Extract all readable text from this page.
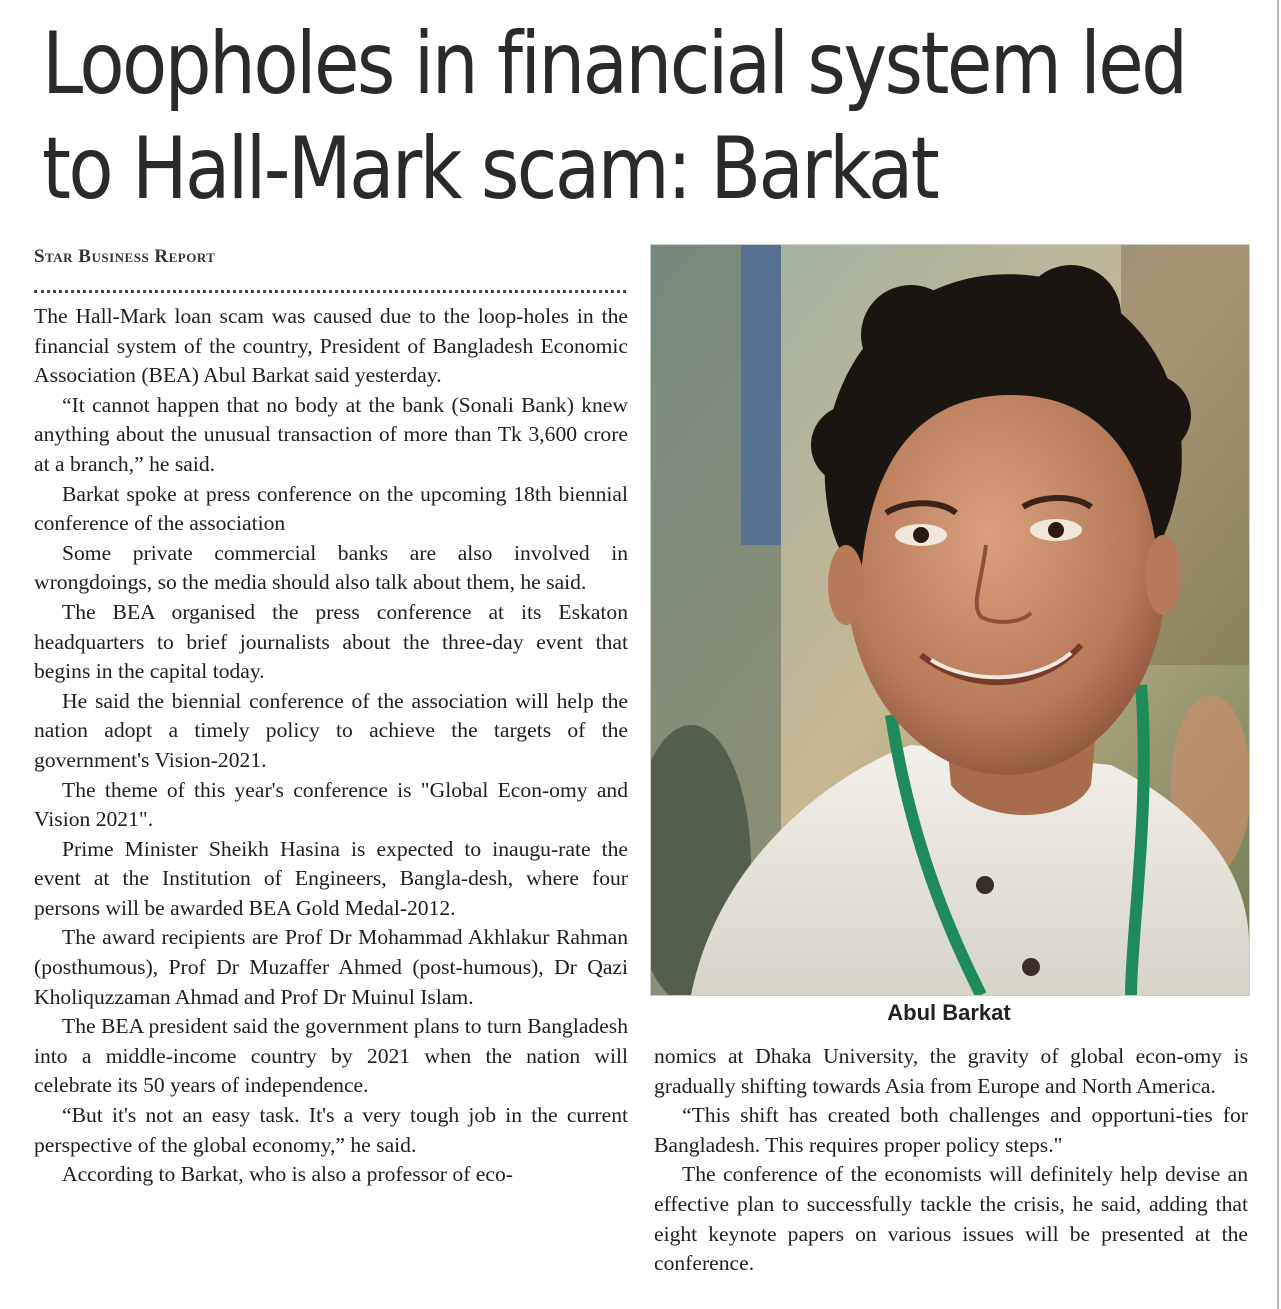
Loopholes in financial system led
to Hall-Mark scam: Barkat
Star Business Report

The Hall-Mark loan scam was caused due to the loop-holes in the financial system of the country, President of Bangladesh Economic Association (BEA) Abul Barkat said yesterday.

“It cannot happen that no body at the bank (Sonali Bank) knew anything about the unusual transaction of more than Tk 3,600 crore at a branch,” he said.

Barkat spoke at press conference on the upcoming 18th biennial conference of the association

Some private commercial banks are also involved in wrongdoings, so the media should also talk about them, he said.

The BEA organised the press conference at its Eskaton headquarters to brief journalists about the three-day event that begins in the capital today.

He said the biennial conference of the association will help the nation adopt a timely policy to achieve the targets of the government's Vision-2021.

The theme of this year's conference is "Global Econ-omy and Vision 2021".

Prime Minister Sheikh Hasina is expected to inaugu-rate the event at the Institution of Engineers, Bangla-desh, where four persons will be awarded BEA Gold Medal-2012.

The award recipients are Prof Dr Mohammad Akhlakur Rahman (posthumous), Prof Dr Muzaffer Ahmed (post-humous), Dr Qazi Kholiquzzaman Ahmad and Prof Dr Muinul Islam.

The BEA president said the government plans to turn Bangladesh into a middle-income country by 2021 when the nation will celebrate its 50 years of independence.

“But it's not an easy task. It's a very tough job in the current perspective of the global economy,” he said.

According to Barkat, who is also a professor of eco-

Abul Barkat

nomics at Dhaka University, the gravity of global econ-omy is gradually shifting towards Asia from Europe and North America.

“This shift has created both challenges and opportuni-ties for Bangladesh. This requires proper policy steps."

The conference of the economists will definitely help devise an effective plan to successfully tackle the crisis, he said, adding that eight keynote papers on various issues will be presented at the conference.
